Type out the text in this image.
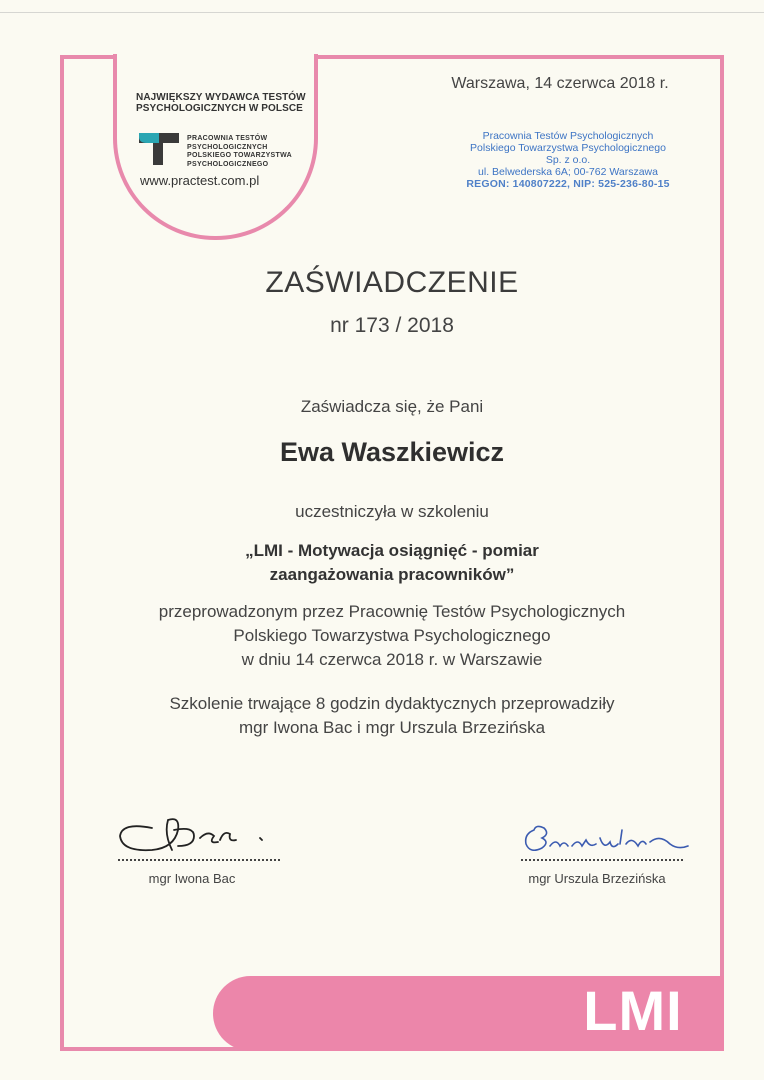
NAJWIĘKSZY WYDAWCA TESTÓW
PSYCHOLOGICZNYCH W POLSCE
PRACOWNIA TESTÓW
PSYCHOLOGICZNYCH
POLSKIEGO TOWARZYSTWA
PSYCHOLOGICZNEGO
www.practest.com.pl
Warszawa, 14 czerwca 2018 r.
Pracownia Testów Psychologicznych
Polskiego Towarzystwa Psychologicznego
Sp. z o.o.
ul. Belwederska 6A; 00-762 Warszawa
REGON: 140807222, NIP: 525-236-80-15
ZAŚWIADCZENIE
nr 173 / 2018
Zaświadcza się, że Pani
Ewa Waszkiewicz
uczestniczyła w szkoleniu
„LMI - Motywacja osiągnięć - pomiar zaangażowania pracowników”
przeprowadzonym przez Pracownię Testów Psychologicznych
Polskiego Towarzystwa Psychologicznego
w dniu 14 czerwca 2018 r. w Warszawie
Szkolenie trwające 8 godzin dydaktycznych przeprowadziły
mgr Iwona Bac i mgr Urszula Brzezińska
mgr Iwona Bac	mgr Urszula Brzezińska
LMI
